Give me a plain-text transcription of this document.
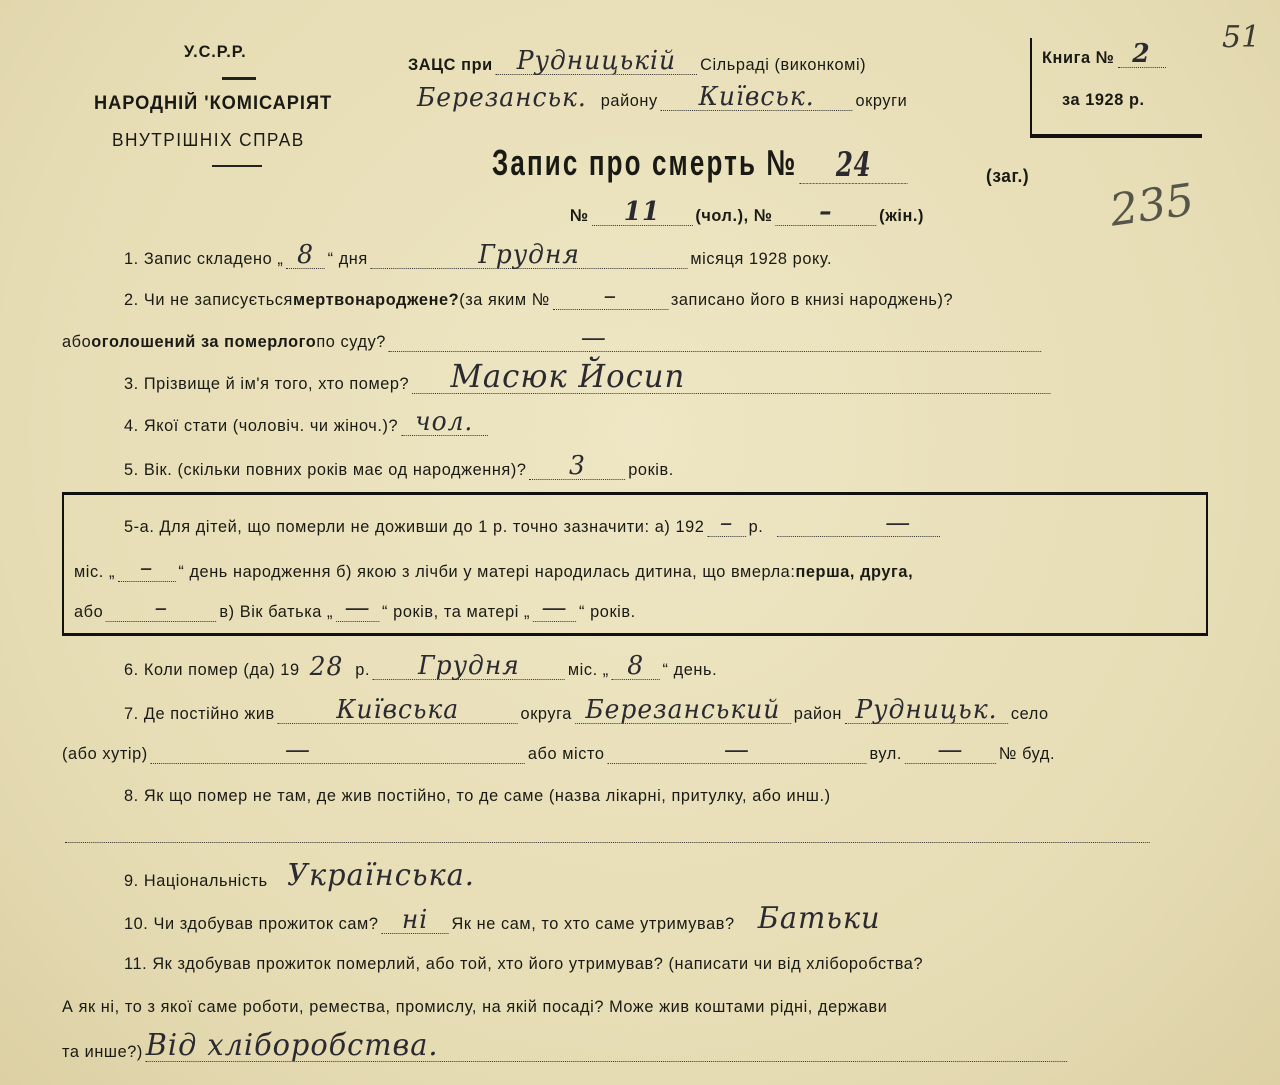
У.С.Р.Р.
НАРОДНІЙ 'КОМІСАРІЯТ
ВНУТРІШНІХ СПРАВ
ЗАЦС при Рудницькій	Сільраді (виконкомі)
Березанськ. району	Київськ.	округи
Книга № 2
за 1928 р.
51
235
Запис про смерть №	24	(заг.)
№	11	(чол.),
№	–	(жін.)
1. Запис складено „ 8 “ дня	Грудня	місяця 1928 року.
2. Чи не записується мертвонароджене? (за яким №	–	записано його в книзі народжень)?
або оголошений за померлого по суду?	—
3. Прізвище й ім'я того, хто помер?	Масюк Йосип
4. Якої стати (чоловіч. чи жіноч.)? чол.
5. Вік. (скільки повних років має од народження)?	3	років.
5-а. Для дітей, що померли не доживши до 1 р. точно зазначити: а) 192 – р.	—
міс. „ –	“ день народження б) якою з лічби у матері народилась дитина, що вмерла: перша, друга,
або	–	в) Вік батька „ — “ років, та матері „ — “ років.
6. Коли помер (да) 19 28 р.	Грудня	міс. „ 8	“ день.
7. Де постійно жив	Київська	округа Березанський район Рудницьк. село
(або хутір)	—	або місто	—	вул.	—	№ буд.
8. Як що помер не там, де жив постійно, то де саме (назва лікарні, притулку, або инш.)
9. Національність Українська.
10. Чи здобував прожиток сам? ні	Як не сам, то хто саме утримував? Батьки
11. Як здобував прожиток померлий, або той, хто його утримував? (написати чи від хліборобства?
А як ні, то з якої саме роботи, ремества, промислу, на якій посаді? Може жив коштами рідні, держави
та инше?) Від хліборобства.
